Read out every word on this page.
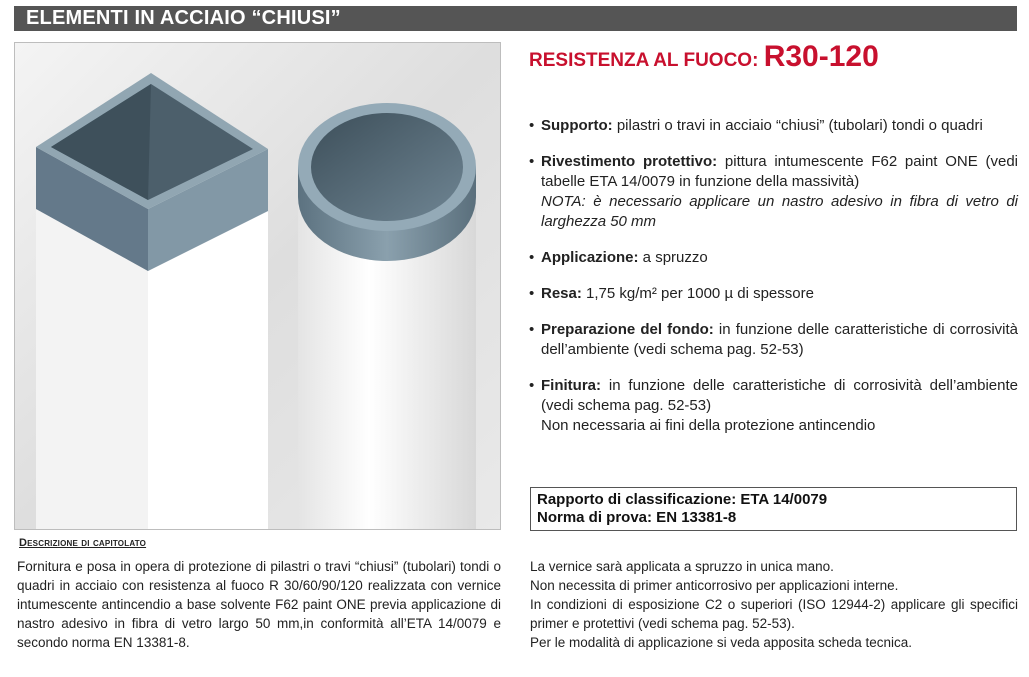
ELEMENTI IN ACCIAIO “CHIUSI”
RESISTENZA AL FUOCO: R30-120
• Supporto: pilastri o travi in acciaio “chiusi” (tubolari) tondi o quadri
• Rivestimento protettivo: pittura intumescente F62 paint ONE (vedi tabelle ETA 14/0079 in funzione della massività)
NOTA: è necessario applicare un nastro adesivo in fibra di vetro di larghezza 50 mm
• Applicazione: a spruzzo
• Resa: 1,75 kg/m² per 1000 µ di spessore
• Preparazione del fondo: in funzione delle caratteristiche di corrosività dell’ambiente (vedi schema pag. 52-53)
• Finitura: in funzione delle caratteristiche di corrosività dell’ambiente (vedi schema pag. 52-53)
Non necessaria ai fini della protezione antincendio
Rapporto di classificazione: ETA 14/0079
Norma di prova: EN 13381-8
Descrizione di capitolato

Fornitura e posa in opera di protezione di pilastri o travi “chiusi” (tubolari) tondi o quadri in acciaio con resistenza al fuoco R 30/60/90/120 realizzata con vernice intumescente antincendio a base solvente F62 paint ONE previa applicazione di nastro adesivo in fibra di vetro largo 50 mm,in conformità all’ETA 14/0079 e secondo norma EN 13381-8.

La vernice sarà applicata a spruzzo in unica mano.

Non necessita di primer anticorrosivo per applicazioni interne.

In condizioni di esposizione C2 o superiori (ISO 12944-2) applicare gli specifici primer e protettivi (vedi schema pag. 52-53).

Per le modalità di applicazione si veda apposita scheda tecnica.
